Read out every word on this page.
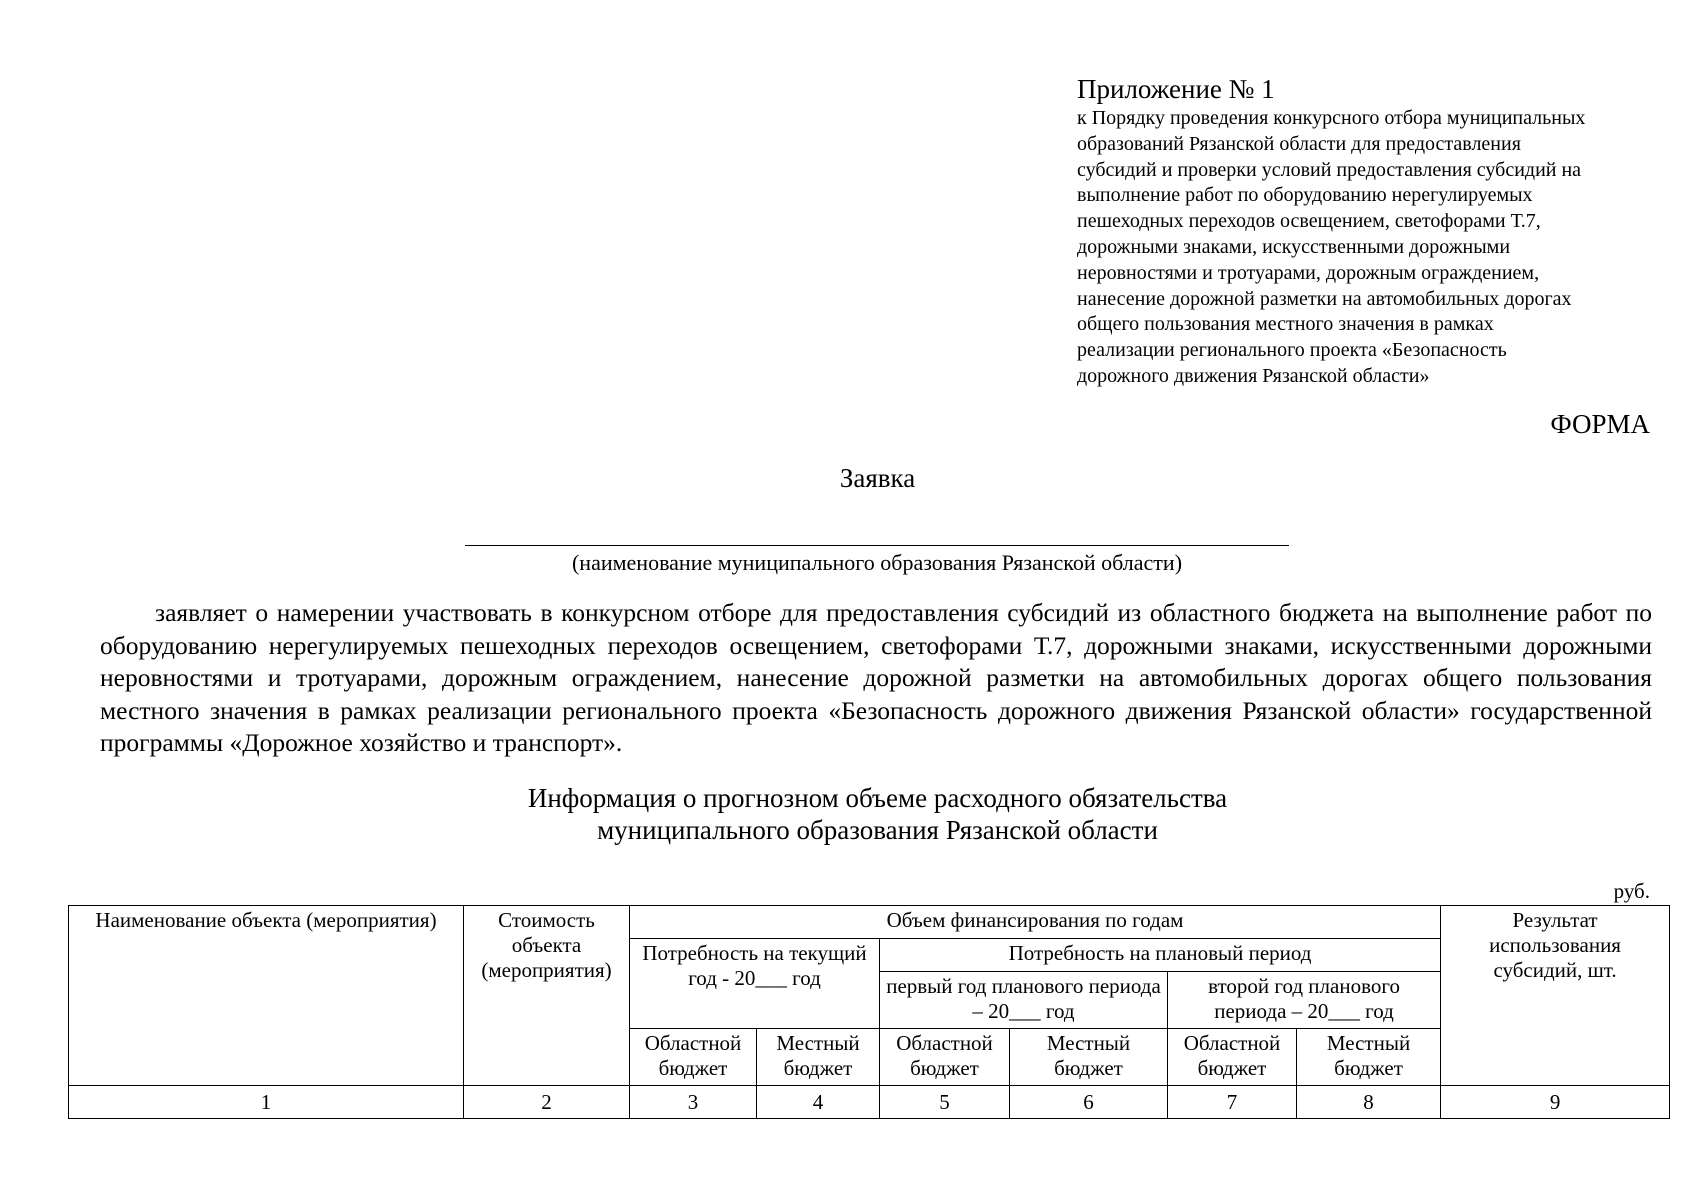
Приложение № 1
к Порядку проведения конкурсного отбора муниципальных
образований Рязанской области для предоставления
субсидий и проверки условий предоставления субсидий на
выполнение работ по оборудованию нерегулируемых
пешеходных переходов освещением, светофорами Т.7,
дорожными знаками, искусственными дорожными
неровностями и тротуарами, дорожным ограждением,
нанесение дорожной разметки на автомобильных дорогах
общего пользования местного значения в рамках
реализации регионального проекта «Безопасность
дорожного движения Рязанской области»
ФОРМА
Заявка
(наименование муниципального образования Рязанской области)
заявляет о намерении участвовать в конкурсном отборе для предоставления субсидий из областного бюджета на выполнение работ по оборудованию нерегулируемых пешеходных переходов освещением, светофорами Т.7, дорожными знаками, искусственными дорожными неровностями и тротуарами, дорожным ограждением, нанесение дорожной разметки на автомобильных дорогах общего пользования местного значения в рамках реализации регионального проекта «Безопасность дорожного движения Рязанской области» государственной программы «Дорожное хозяйство и транспорт».
Информация о прогнозном объеме расходного обязательства
муниципального образования Рязанской области
руб.
Наименование объекта (мероприятия)	Стоимость объекта (мероприятия)	Объем финансирования по годам						Результат использования субсидий, шт.
		Потребность на текущий год - 20___ год		Потребность на плановый период				
				первый год планового периода – 20___ год		второй год планового периода – 20___ год		
		Областной бюджет	Местный бюджет	Областной бюджет	Местный бюджет	Областной бюджет	Местный бюджет	
1	2	3	4	5	6	7	8	9
